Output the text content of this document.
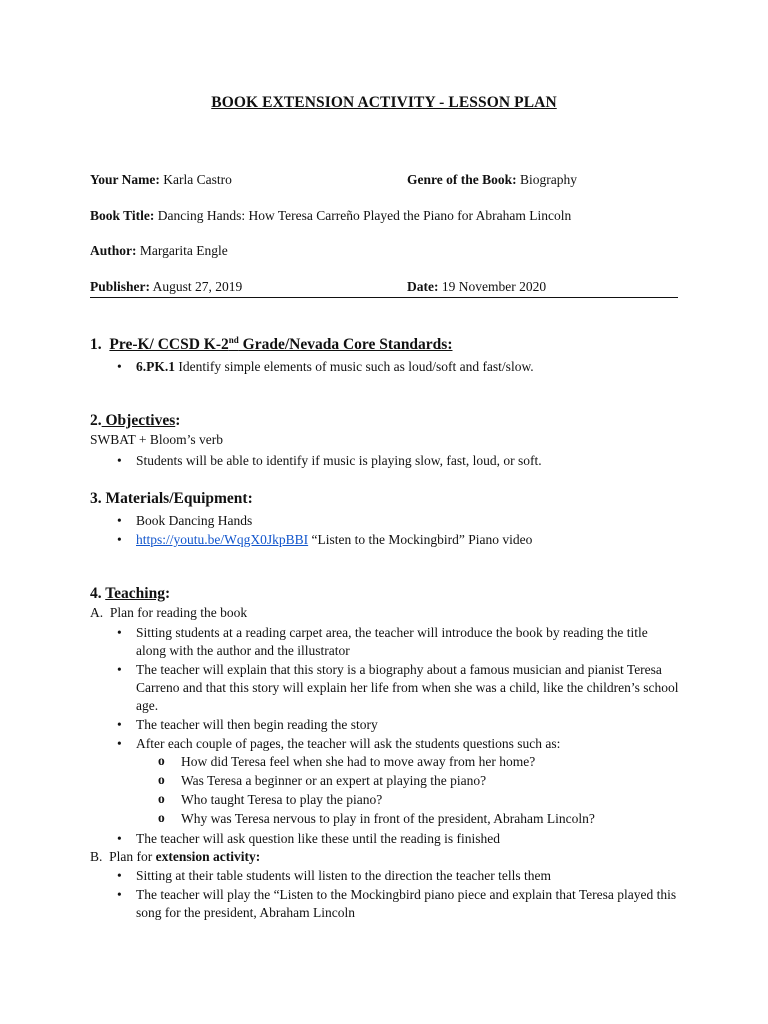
BOOK EXTENSION ACTIVITY - LESSON PLAN
Your Name: Karla Castro	Genre of the Book: Biography
Book Title: Dancing Hands: How Teresa Carreño Played the Piano for Abraham Lincoln
Author: Margarita Engle
Publisher: August 27, 2019	Date: 19 November 2020
1. Pre-K/ CCSD K-2nd Grade/Nevada Core Standards:
• 6.PK.1 Identify simple elements of music such as loud/soft and fast/slow.
2. Objectives:
SWBAT + Bloom’s verb
• Students will be able to identify if music is playing slow, fast, loud, or soft.
3. Materials/Equipment:
• Book Dancing Hands
• https://youtu.be/WqgX0JkpBBI “Listen to the Mockingbird” Piano video
4. Teaching:
A. Plan for reading the book
• Sitting students at a reading carpet area, the teacher will introduce the book by reading the title along with the author and the illustrator
• The teacher will explain that this story is a biography about a famous musician and pianist Teresa Carreno and that this story will explain her life from when she was a child, like the children’s school age.
• The teacher will then begin reading the story
• After each couple of pages, the teacher will ask the students questions such as:
o How did Teresa feel when she had to move away from her home?
o Was Teresa a beginner or an expert at playing the piano?
o Who taught Teresa to play the piano?
o Why was Teresa nervous to play in front of the president, Abraham Lincoln?
• The teacher will ask question like these until the reading is finished
B. Plan for extension activity:
• Sitting at their table students will listen to the direction the teacher tells them
• The teacher will play the “Listen to the Mockingbird piano piece and explain that Teresa played this song for the president, Abraham Lincoln
